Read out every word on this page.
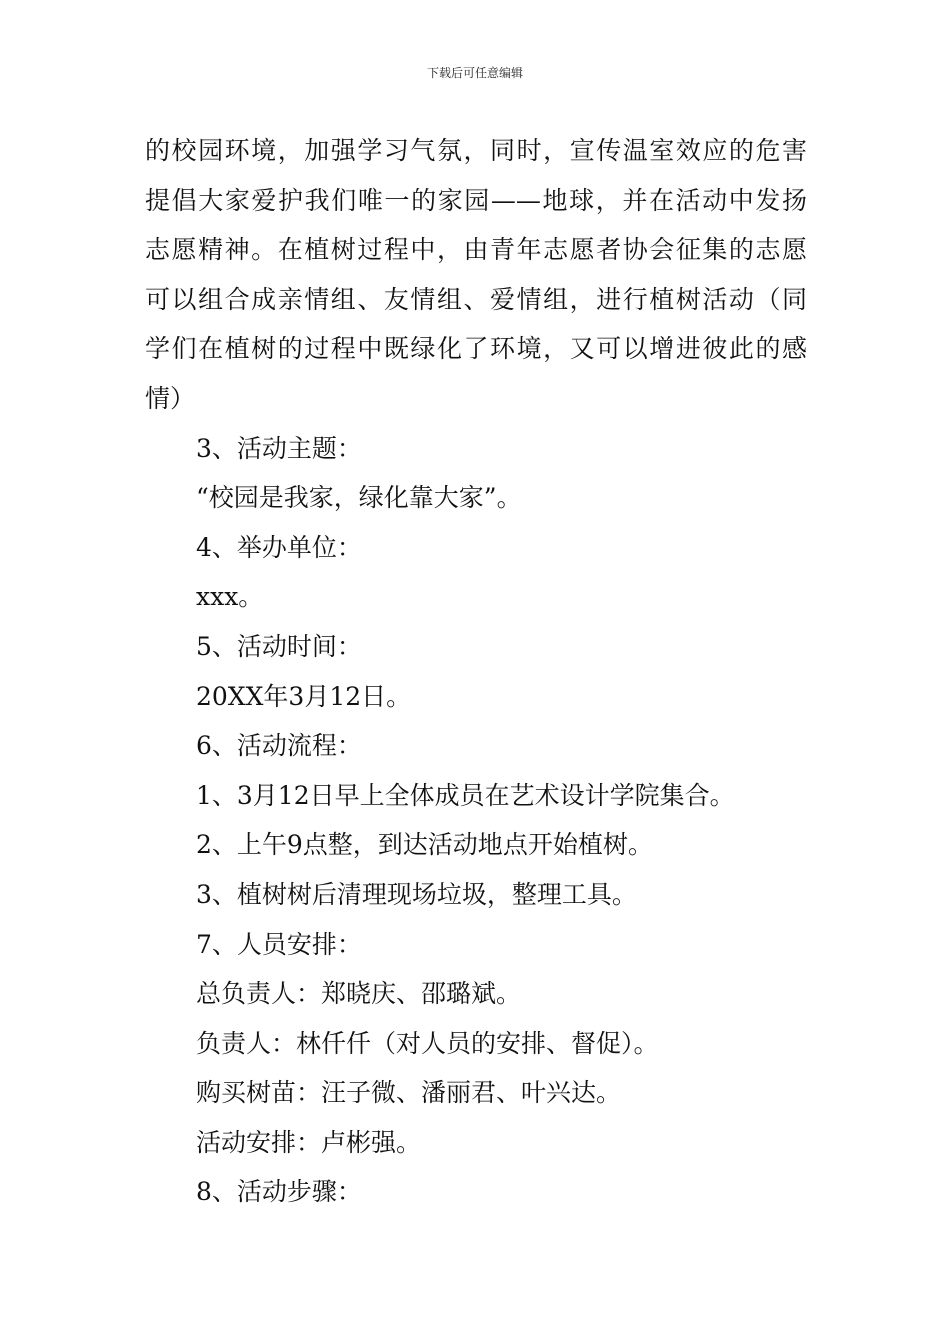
下载后可任意编辑
的校园环境，加强学习气氛，同时，宣传温室效应的危害
提倡大家爱护我们唯一的家园——地球，并在活动中发扬
志愿精神。在植树过程中，由青年志愿者协会征集的志愿
可以组合成亲情组、友情组、爱情组，进行植树活动（同
学们在植树的过程中既绿化了环境，又可以增进彼此的感
情）
3、活动主题：
“校园是我家，绿化靠大家”。
4、举办单位：
xxx。
5、活动时间：
20XX年3月12日。
6、活动流程：
1、3月12日早上全体成员在艺术设计学院集合。
2、上午9点整，到达活动地点开始植树。
3、植树树后清理现场垃圾，整理工具。
7、人员安排：
总负责人：郑晓庆、邵璐斌。
负责人：林仟仟（对人员的安排、督促）。
购买树苗：汪子微、潘丽君、叶兴达。
活动安排：卢彬强。
8、活动步骤：
